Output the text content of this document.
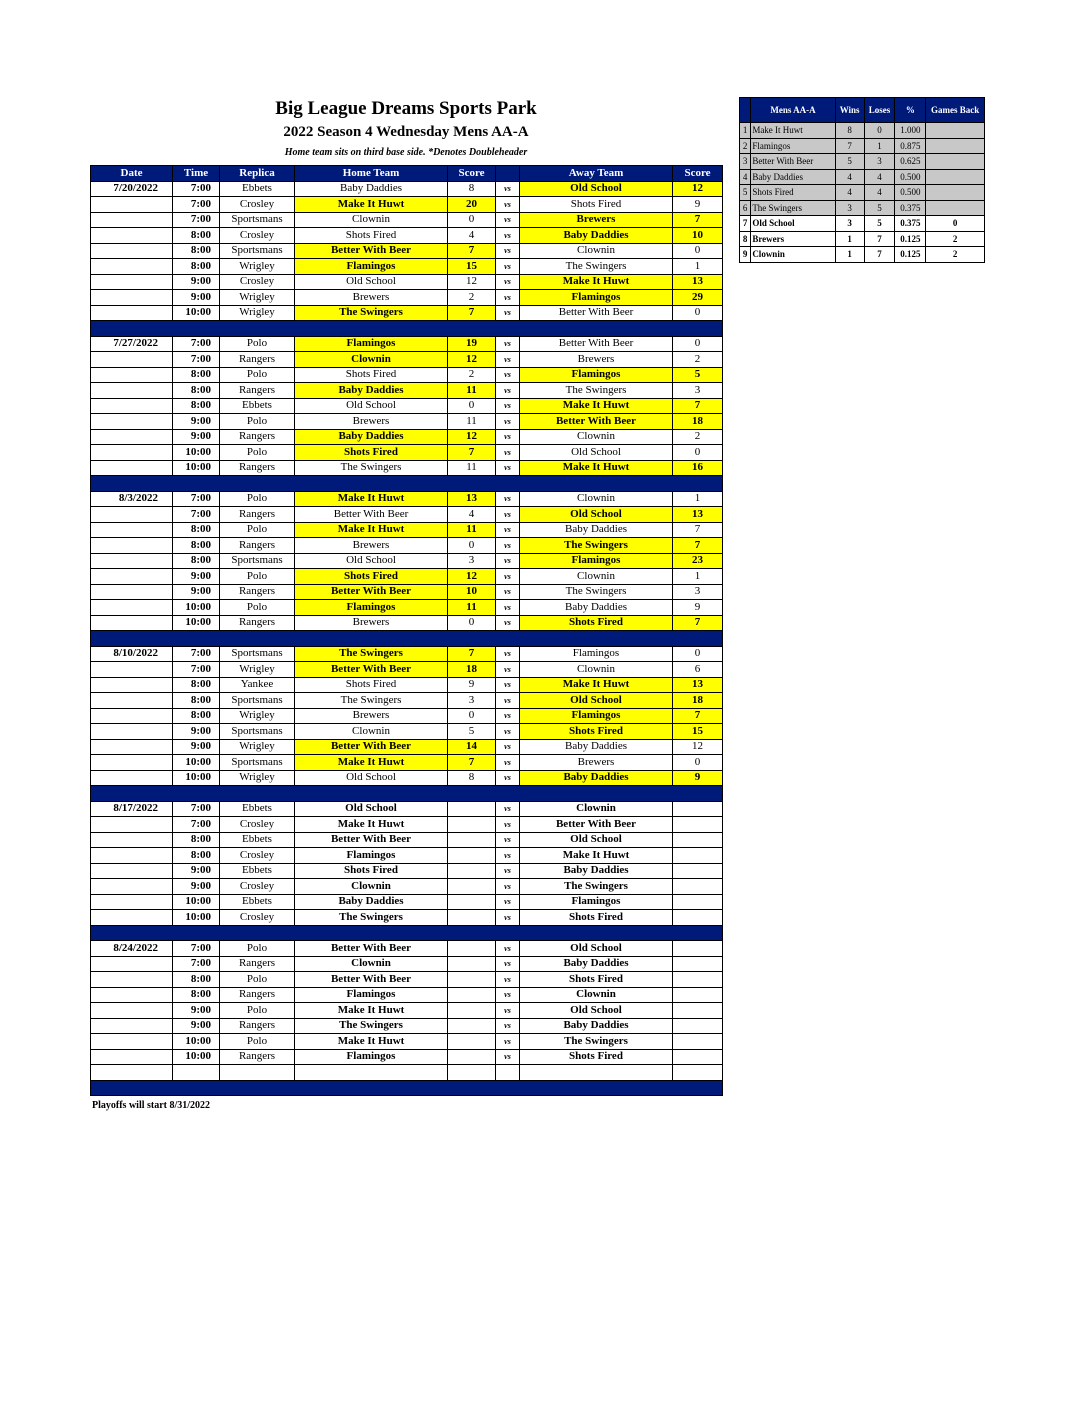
Big League Dreams Sports Park
2022 Season 4 Wednesday Mens AA-A
Home team sits on third base side. *Denotes Doubleheader
Date	Time	Replica	Home Team	Score		Away Team	Score
7/20/2022	7:00	Ebbets	Baby Daddies	8	vs	Old School	12
	7:00	Crosley	Make It Huwt	20	vs	Shots Fired	9
	7:00	Sportsmans	Clownin	0	vs	Brewers	7
	8:00	Crosley	Shots Fired	4	vs	Baby Daddies	10
	8:00	Sportsmans	Better With Beer	7	vs	Clownin	0
	8:00	Wrigley	Flamingos	15	vs	The Swingers	1
	9:00	Crosley	Old School	12	vs	Make It Huwt	13
	9:00	Wrigley	Brewers	2	vs	Flamingos	29
	10:00	Wrigley	The Swingers	7	vs	Better With Beer	0

7/27/2022	7:00	Polo	Flamingos	19	vs	Better With Beer	0
	7:00	Rangers	Clownin	12	vs	Brewers	2
	8:00	Polo	Shots Fired	2	vs	Flamingos	5
	8:00	Rangers	Baby Daddies	11	vs	The Swingers	3
	8:00	Ebbets	Old School	0	vs	Make It Huwt	7
	9:00	Polo	Brewers	11	vs	Better With Beer	18
	9:00	Rangers	Baby Daddies	12	vs	Clownin	2
	10:00	Polo	Shots Fired	7	vs	Old School	0
	10:00	Rangers	The Swingers	11	vs	Make It Huwt	16

8/3/2022	7:00	Polo	Make It Huwt	13	vs	Clownin	1
	7:00	Rangers	Better With Beer	4	vs	Old School	13
	8:00	Polo	Make It Huwt	11	vs	Baby Daddies	7
	8:00	Rangers	Brewers	0	vs	The Swingers	7
	8:00	Sportsmans	Old School	3	vs	Flamingos	23
	9:00	Polo	Shots Fired	12	vs	Clownin	1
	9:00	Rangers	Better With Beer	10	vs	The Swingers	3
	10:00	Polo	Flamingos	11	vs	Baby Daddies	9
	10:00	Rangers	Brewers	0	vs	Shots Fired	7

8/10/2022	7:00	Sportsmans	The Swingers	7	vs	Flamingos	0
	7:00	Wrigley	Better With Beer	18	vs	Clownin	6
	8:00	Yankee	Shots Fired	9	vs	Make It Huwt	13
	8:00	Sportsmans	The Swingers	3	vs	Old School	18
	8:00	Wrigley	Brewers	0	vs	Flamingos	7
	9:00	Sportsmans	Clownin	5	vs	Shots Fired	15
	9:00	Wrigley	Better With Beer	14	vs	Baby Daddies	12
	10:00	Sportsmans	Make It Huwt	7	vs	Brewers	0
	10:00	Wrigley	Old School	8	vs	Baby Daddies	9

8/17/2022	7:00	Ebbets	Old School		vs	Clownin	
	7:00	Crosley	Make It Huwt		vs	Better With Beer	
	8:00	Ebbets	Better With Beer		vs	Old School	
	8:00	Crosley	Flamingos		vs	Make It Huwt	
	9:00	Ebbets	Shots Fired		vs	Baby Daddies	
	9:00	Crosley	Clownin		vs	The Swingers	
	10:00	Ebbets	Baby Daddies		vs	Flamingos	
	10:00	Crosley	The Swingers		vs	Shots Fired	

8/24/2022	7:00	Polo	Better With Beer		vs	Old School	
	7:00	Rangers	Clownin		vs	Baby Daddies	
	8:00	Polo	Better With Beer		vs	Shots Fired	
	8:00	Rangers	Flamingos		vs	Clownin	
	9:00	Polo	Make It Huwt		vs	Old School	
	9:00	Rangers	The Swingers		vs	Baby Daddies	
	10:00	Polo	Make It Huwt		vs	The Swingers	
	10:00	Rangers	Flamingos		vs	Shots Fired	

	Mens AA-A	Wins	Loses	%	Games Back
1	Make It Huwt	8	0	1.000	
2	Flamingos	7	1	0.875	
3	Better With Beer	5	3	0.625	
4	Baby Daddies	4	4	0.500	
5	Shots Fired	4	4	0.500	
6	The Swingers	3	5	0.375	
7	Old School	3	5	0.375	0
8	Brewers	1	7	0.125	2
9	Clownin	1	7	0.125	2
Playoffs will start 8/31/2022
